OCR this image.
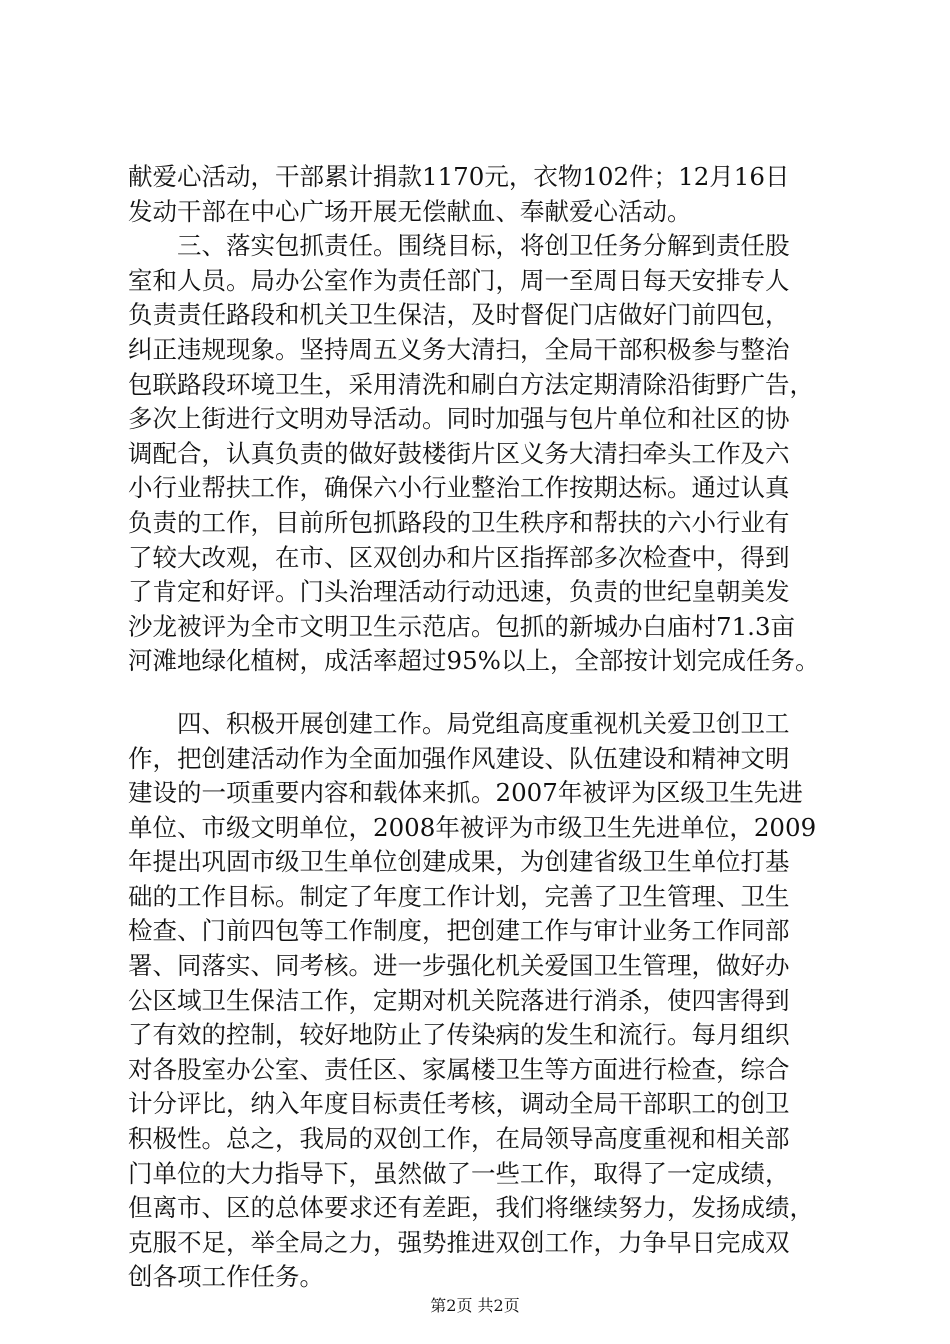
献爱心活动，干部累计捐款1170元，衣物102件；12月16日
发动干部在中心广场开展无偿献血、奉献爱心活动。
　　三、落实包抓责任。围绕目标，将创卫任务分解到责任股
室和人员。局办公室作为责任部门，周一至周日每天安排专人
负责责任路段和机关卫生保洁，及时督促门店做好门前四包，
纠正违规现象。坚持周五义务大清扫，全局干部积极参与整治
包联路段环境卫生，采用清洗和刷白方法定期清除沿街野广告，
多次上街进行文明劝导活动。同时加强与包片单位和社区的协
调配合，认真负责的做好鼓楼街片区义务大清扫牵头工作及六
小行业帮扶工作，确保六小行业整治工作按期达标。通过认真
负责的工作，目前所包抓路段的卫生秩序和帮扶的六小行业有
了较大改观，在市、区双创办和片区指挥部多次检查中，得到
了肯定和好评。门头治理活动行动迅速，负责的世纪皇朝美发
沙龙被评为全市文明卫生示范店。包抓的新城办白庙村71.3亩
河滩地绿化植树，成活率超过95%以上，全部按计划完成任务。
　　四、积极开展创建工作。局党组高度重视机关爱卫创卫工
作，把创建活动作为全面加强作风建设、队伍建设和精神文明
建设的一项重要内容和载体来抓。2007年被评为区级卫生先进
单位、市级文明单位，2008年被评为市级卫生先进单位，2009
年提出巩固市级卫生单位创建成果，为创建省级卫生单位打基
础的工作目标。制定了年度工作计划，完善了卫生管理、卫生
检查、门前四包等工作制度，把创建工作与审计业务工作同部
署、同落实、同考核。进一步强化机关爱国卫生管理，做好办
公区域卫生保洁工作，定期对机关院落进行消杀，使四害得到
了有效的控制，较好地防止了传染病的发生和流行。每月组织
对各股室办公室、责任区、家属楼卫生等方面进行检查，综合
计分评比，纳入年度目标责任考核，调动全局干部职工的创卫
积极性。总之，我局的双创工作，在局领导高度重视和相关部
门单位的大力指导下，虽然做了一些工作，取得了一定成绩，
但离市、区的总体要求还有差距，我们将继续努力，发扬成绩，
克服不足，举全局之力，强势推进双创工作，力争早日完成双
创各项工作任务。
第2页 共2页
